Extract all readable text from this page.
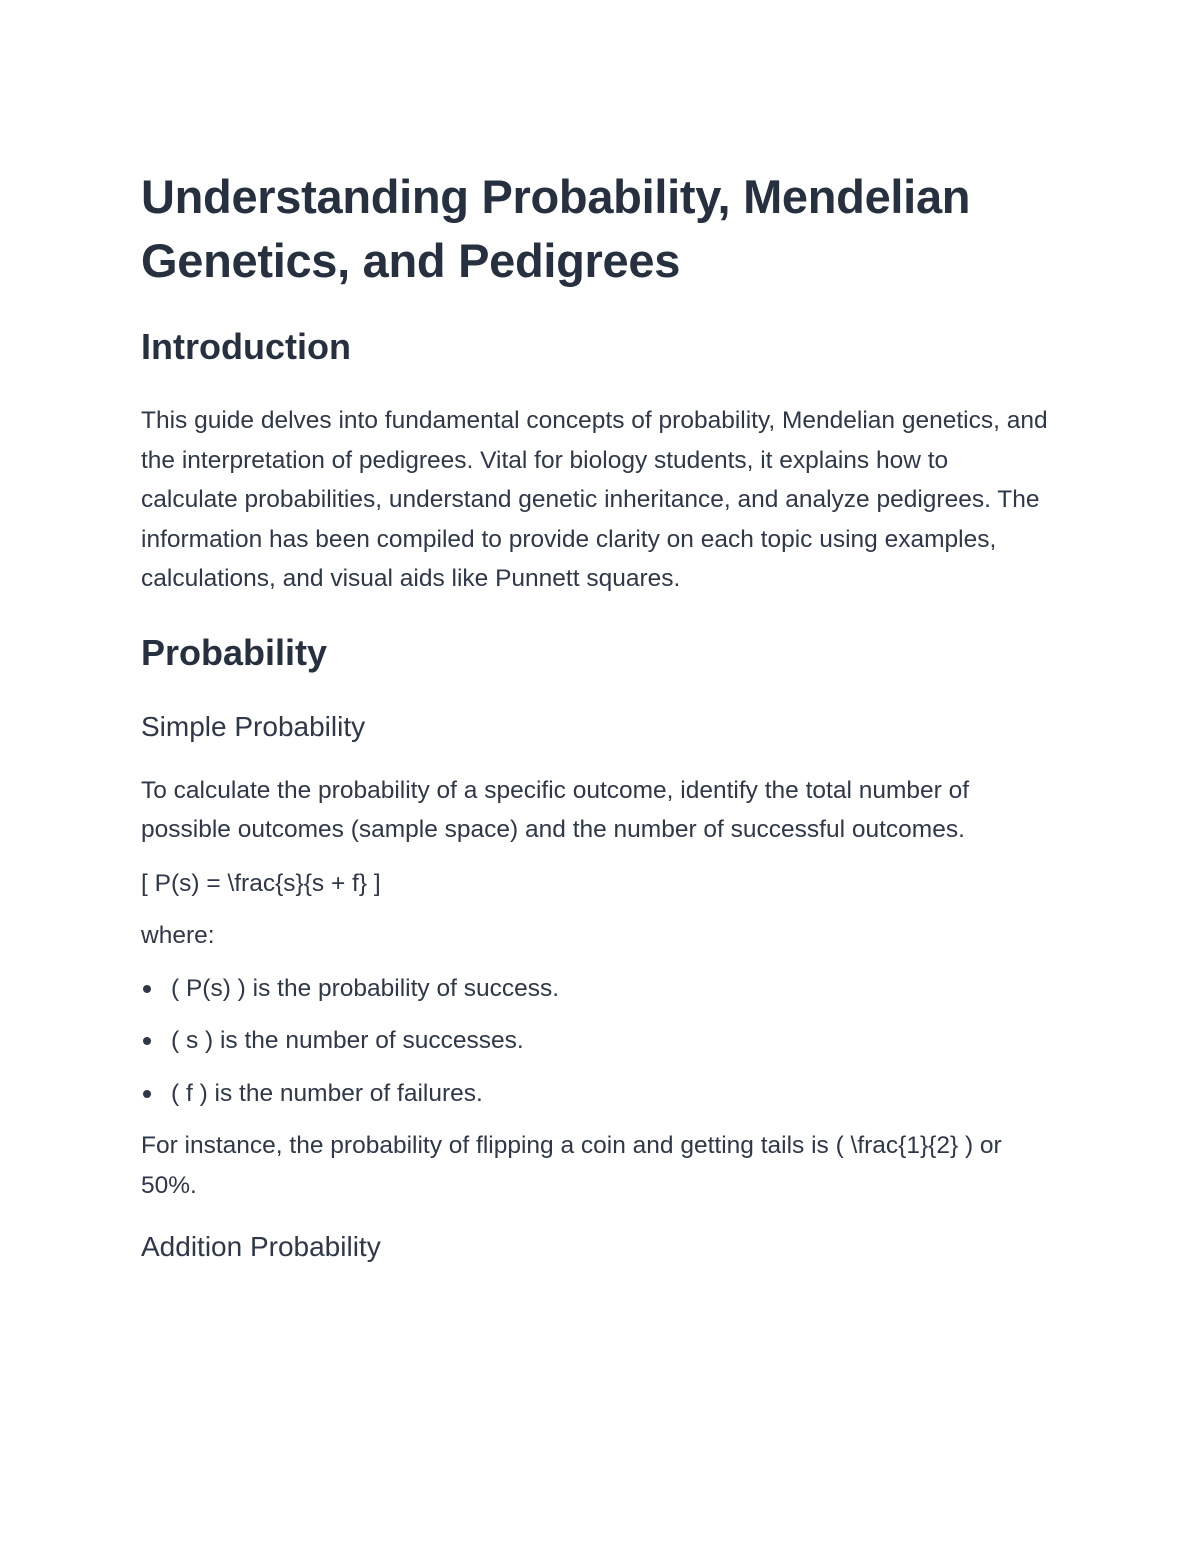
Understanding Probability, Mendelian Genetics, and Pedigrees
Introduction

This guide delves into fundamental concepts of probability, Mendelian genetics, and the interpretation of pedigrees. Vital for biology students, it explains how to calculate probabilities, understand genetic inheritance, and analyze pedigrees. The information has been compiled to provide clarity on each topic using examples, calculations, and visual aids like Punnett squares.

Probability
Simple Probability

To calculate the probability of a specific outcome, identify the total number of possible outcomes (sample space) and the number of successful outcomes.

[ P(s) = \frac{s}{s + f} ]

where:

( P(s) ) is the probability of success.
( s ) is the number of successes.
( f ) is the number of failures.

For instance, the probability of flipping a coin and getting tails is ( \frac{1}{2} ) or 50%.

Addition Probability
